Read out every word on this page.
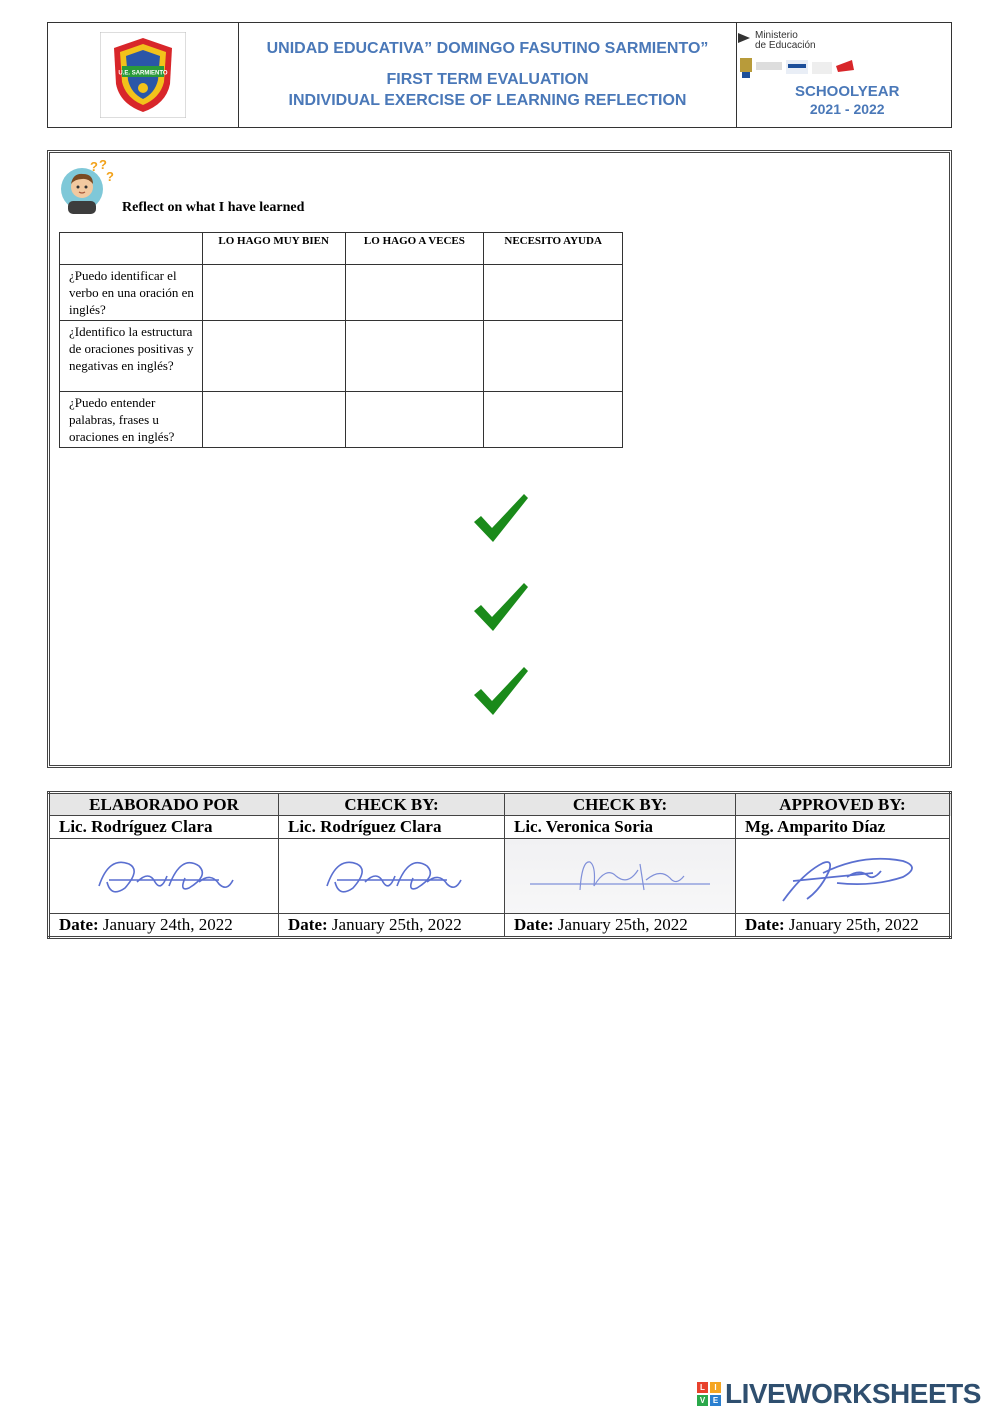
U.E. SARMIENTO
UNIDAD EDUCATIVA” DOMINGO FASUTINO SARMIENTO”
FIRST TERM EVALUATION
INDIVIDUAL EXERCISE OF LEARNING REFLECTION
Ministerio
de Educación
SCHOOLYEAR
2021 - 2022
? ?
?
Reflect on what I have learned
	LO HAGO MUY BIEN	LO HAGO A VECES	NECESITO AYUDA
¿Puedo identificar el verbo en una oración en inglés?			
¿Identifico la estructura de oraciones positivas y negativas en inglés?			
¿Puedo entender palabras, frases u oraciones en inglés?			
ELABORADO POR	CHECK BY:	CHECK BY:	APPROVED BY:
Lic. Rodríguez Clara	Lic. Rodríguez Clara	Lic. Veronica Soria	Mg. Amparito Díaz

Date: January 24th, 2022	Date: January 25th, 2022	Date: January 25th, 2022	Date: January 25th, 2022
L	I
V E LIVEWORKSHEETS
